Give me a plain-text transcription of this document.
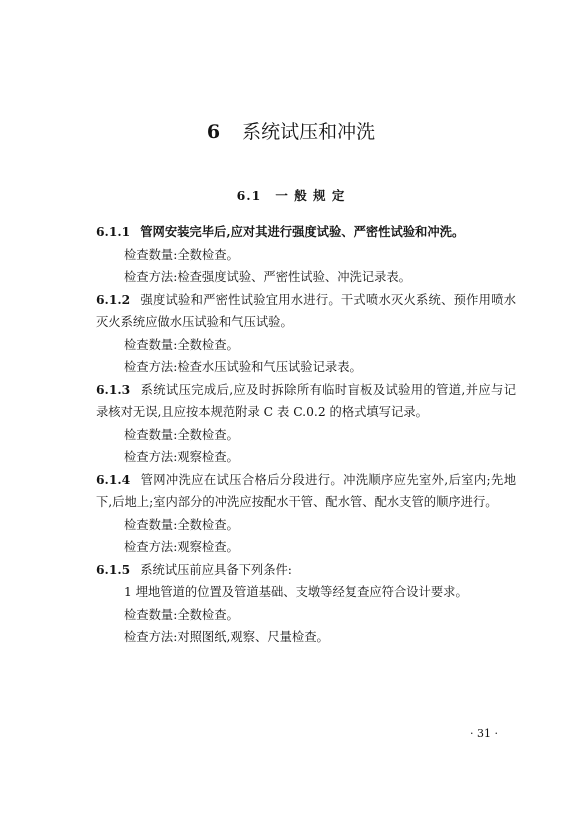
6 系统试压和冲洗
6.1 一 般 规 定

6.1.1 管网安装完毕后,应对其进行强度试验、严密性试验和冲洗。

检查数量:全数检查。

检查方法:检查强度试验、严密性试验、冲洗记录表。

6.1.2 强度试验和严密性试验宜用水进行。干式喷水灭火系统、预作用喷水灭火系统应做水压试验和气压试验。

检查数量:全数检查。

检查方法:检查水压试验和气压试验记录表。

6.1.3 系统试压完成后,应及时拆除所有临时盲板及试验用的管道,并应与记录核对无误,且应按本规范附录 C 表 C.0.2 的格式填写记录。

检查数量:全数检查。

检查方法:观察检查。

6.1.4 管网冲洗应在试压合格后分段进行。冲洗顺序应先室外,后室内;先地下,后地上;室内部分的冲洗应按配水干管、配水管、配水支管的顺序进行。

检查数量:全数检查。

检查方法:观察检查。

6.1.5 系统试压前应具备下列条件:

1 埋地管道的位置及管道基础、支墩等经复查应符合设计要求。

检查数量:全数检查。

检查方法:对照图纸,观察、尺量检查。

· 31 ·
